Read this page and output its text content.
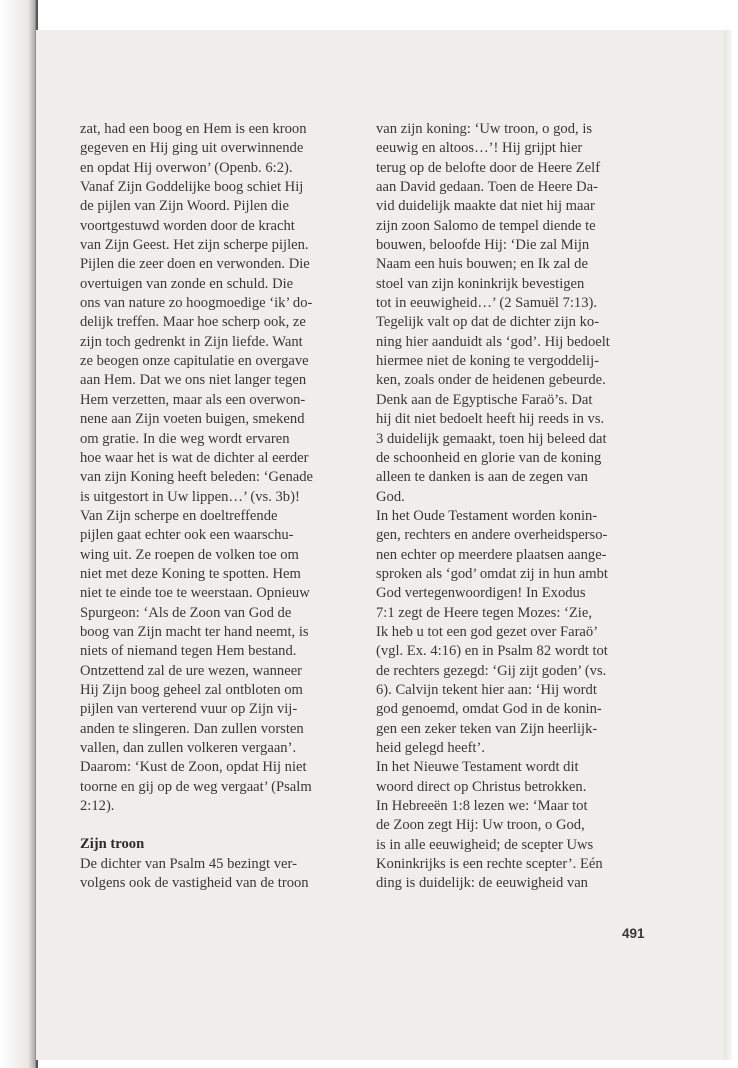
zat, had een boog en Hem is een kroon
gegeven en Hij ging uit overwinnende
en opdat Hij overwon’ (Openb. 6:2).
Vanaf Zijn Goddelijke boog schiet Hij
de pijlen van Zijn Woord. Pijlen die
voortgestuwd worden door de kracht
van Zijn Geest. Het zijn scherpe pijlen.
Pijlen die zeer doen en verwonden. Die
overtuigen van zonde en schuld. Die
ons van nature zo hoogmoedige ‘ik’ do-
delijk treffen. Maar hoe scherp ook, ze
zijn toch gedrenkt in Zijn liefde. Want
ze beogen onze capitulatie en overgave
aan Hem. Dat we ons niet langer tegen
Hem verzetten, maar als een overwon-
nene aan Zijn voeten buigen, smekend
om gratie. In die weg wordt ervaren
hoe waar het is wat de dichter al eerder
van zijn Koning heeft beleden: ‘Genade
is uitgestort in Uw lippen…’ (vs. 3b)!
Van Zijn scherpe en doeltreffende
pijlen gaat echter ook een waarschu-
wing uit. Ze roepen de volken toe om
niet met deze Koning te spotten. Hem
niet te einde toe te weerstaan. Opnieuw
Spurgeon: ‘Als de Zoon van God de
boog van Zijn macht ter hand neemt, is
niets of niemand tegen Hem bestand.
Ontzettend zal de ure wezen, wanneer
Hij Zijn boog geheel zal ontbloten om
pijlen van verterend vuur op Zijn vij-
anden te slingeren. Dan zullen vorsten
vallen, dan zullen volkeren vergaan’.
Daarom: ‘Kust de Zoon, opdat Hij niet
toorne en gij op de weg vergaat’ (Psalm
2:12).

Zijn troon

De dichter van Psalm 45 bezingt ver-
volgens ook de vastigheid van de troon

van zijn koning: ‘Uw troon, o god, is
eeuwig en altoos…’! Hij grijpt hier
terug op de belofte door de Heere Zelf
aan David gedaan. Toen de Heere Da-
vid duidelijk maakte dat niet hij maar
zijn zoon Salomo de tempel diende te
bouwen, beloofde Hij: ‘Die zal Mijn
Naam een huis bouwen; en Ik zal de
stoel van zijn koninkrijk bevestigen
tot in eeuwigheid…’ (2 Samuël 7:13).
Tegelijk valt op dat de dichter zijn ko-
ning hier aanduidt als ‘god’. Hij bedoelt
hiermee niet de koning te vergoddelij-
ken, zoals onder de heidenen gebeurde.
Denk aan de Egyptische Faraö’s. Dat
hij dit niet bedoelt heeft hij reeds in vs.
3 duidelijk gemaakt, toen hij beleed dat
de schoonheid en glorie van de koning
alleen te danken is aan de zegen van
God.

In het Oude Testament worden konin-
gen, rechters en andere overheidsperso-
nen echter op meerdere plaatsen aange-
sproken als ‘god’ omdat zij in hun ambt
God vertegenwoordigen! In Exodus
7:1 zegt de Heere tegen Mozes: ‘Zie,
Ik heb u tot een god gezet over Faraö’
(vgl. Ex. 4:16) en in Psalm 82 wordt tot
de rechters gezegd: ‘Gij zijt goden’ (vs.
6). Calvijn tekent hier aan: ‘Hij wordt
god genoemd, omdat God in de konin-
gen een zeker teken van Zijn heerlijk-
heid gelegd heeft’.

In het Nieuwe Testament wordt dit
woord direct op Christus betrokken.
In Hebreeën 1:8 lezen we: ‘Maar tot
de Zoon zegt Hij: Uw troon, o God,
is in alle eeuwigheid; de scepter Uws
Koninkrijks is een rechte scepter’. Eén
ding is duidelijk: de eeuwigheid van

491
